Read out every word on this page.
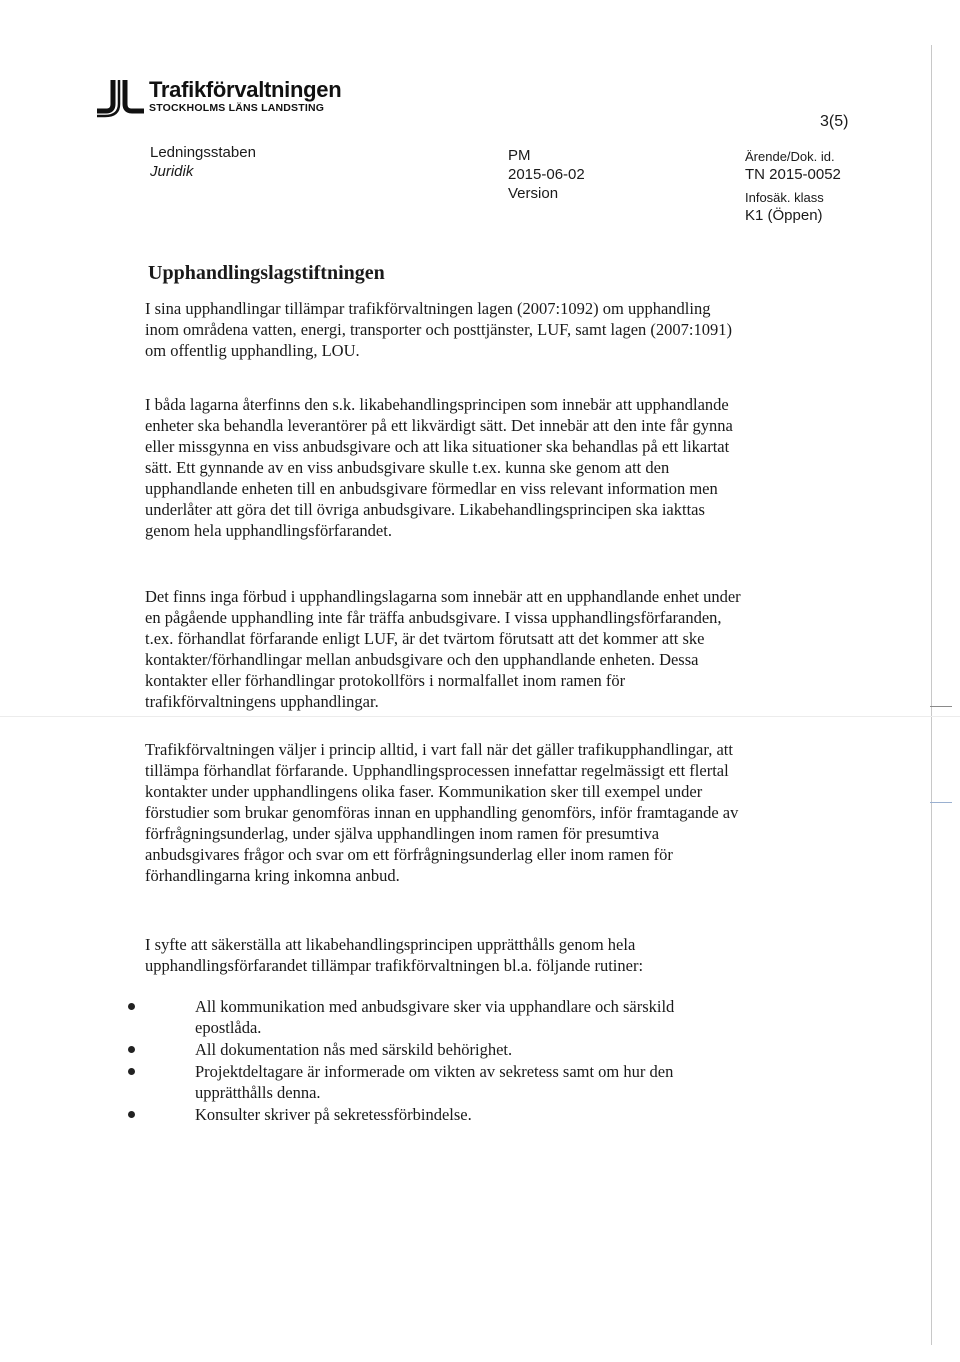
Trafikförvaltningen
STOCKHOLMS LÄNS LANDSTING
3(5)
Ledningsstaben
Juridik
PM
2015-06-02
Version
Ärende/Dok. id.
TN 2015-0052
Infosäk. klass
K1 (Öppen)
Upphandlingslagstiftningen

I sina upphandlingar tillämpar trafikförvaltningen lagen (2007:1092) om upphandling inom områdena vatten, energi, transporter och posttjänster, LUF, samt lagen (2007:1091) om offentlig upphandling, LOU.

I båda lagarna återfinns den s.k. likabehandlingsprincipen som innebär att upphandlande enheter ska behandla leverantörer på ett likvärdigt sätt. Det innebär att den inte får gynna eller missgynna en viss anbudsgivare och att lika situationer ska behandlas på ett likartat sätt. Ett gynnande av en viss anbudsgivare skulle t.ex. kunna ske genom att den upphandlande enheten till en anbudsgivare förmedlar en viss relevant information men underlåter att göra det till övriga anbudsgivare. Likabehandlingsprincipen ska iakttas genom hela upphandlingsförfarandet.

Det finns inga förbud i upphandlingslagarna som innebär att en upphandlande enhet under en pågående upphandling inte får träffa anbudsgivare. I vissa upphandlingsförfaranden, t.ex. förhandlat förfarande enligt LUF, är det tvärtom förutsatt att det kommer att ske kontakter/förhandlingar mellan anbudsgivare och den upphandlande enheten. Dessa kontakter eller förhandlingar protokollförs i normalfallet inom ramen för trafikförvaltningens upphandlingar.

Trafikförvaltningen väljer i princip alltid, i vart fall när det gäller trafikupphandlingar, att tillämpa förhandlat förfarande. Upphandlingsprocessen innefattar regelmässigt ett flertal kontakter under upphandlingens olika faser. Kommunikation sker till exempel under förstudier som brukar genomföras innan en upphandling genomförs, inför framtagande av förfrågningsunderlag, under själva upphandlingen inom ramen för presumtiva anbudsgivares frågor och svar om ett förfrågningsunderlag eller inom ramen för förhandlingarna kring inkomna anbud.

I syfte att säkerställa att likabehandlingsprincipen upprätthålls genom hela upphandlingsförfarandet tillämpar trafikförvaltningen bl.a. följande rutiner:

All kommunikation med anbudsgivare sker via upphandlare och särskild epostlåda.
All dokumentation nås med särskild behörighet.
Projektdeltagare är informerade om vikten av sekretess samt om hur den upprätthålls denna.
Konsulter skriver på sekretessförbindelse.
